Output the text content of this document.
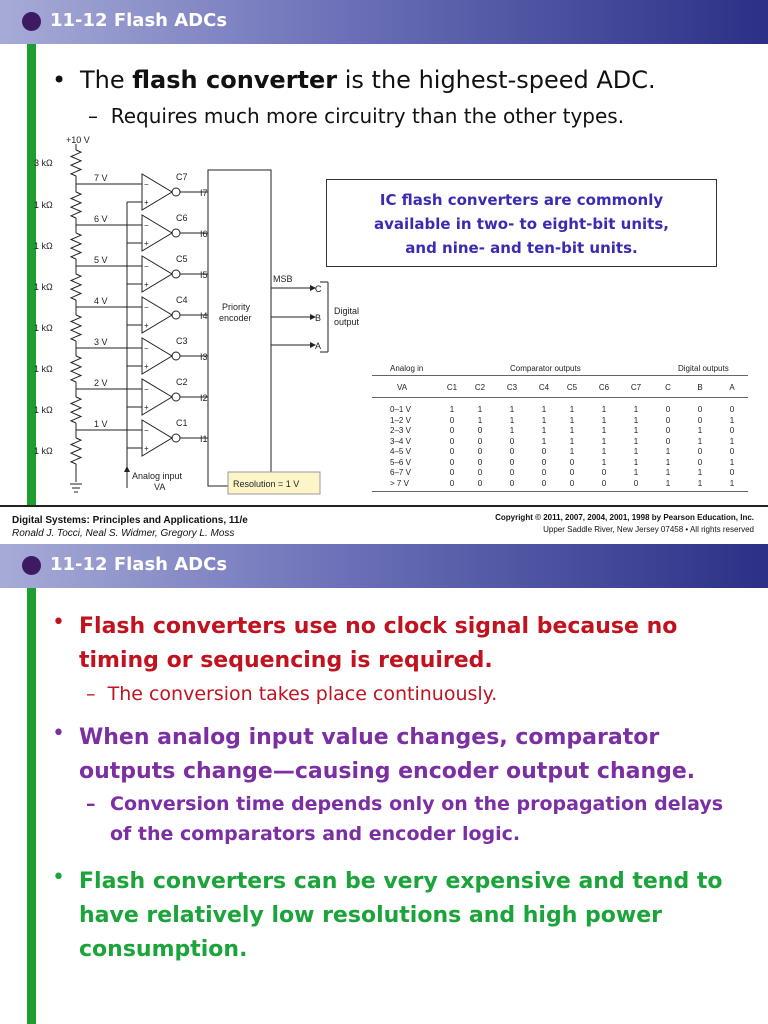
11-12 Flash ADCs
• The flash converter is the highest-speed ADC.
– Requires much more circuitry than the other types.
+10 V
−
+
−
+
−
+
−
+
−
+
−
+
−
+
3 kΩ
1 kΩ
1 kΩ
1 kΩ
1 kΩ
1 kΩ
1 kΩ
1 kΩ
7 V	C7
I7
6 V	C6
I6
5 V	C5
I5
4 V	C4
I4
3 V	C3
I3
2 V	C2
I2
1 V	C1
I1
Priority
encoder
MSB
C
B
A
Digital
output
Analog input
VA	Resolution = 1 V
IC flash converters are commonly
available in two- to eight-bit units,
and nine- and ten-bit units.
Analog in	Comparator outputs	Digital outputs
VA	C1	C2	C3	C4	C5	C6	C7	C	B	A
0–1 V	1	1	1	1	1	1	1	0	0	0
1–2 V	0	1	1	1	1	1	1	0	0	1
2–3 V	0	0	1	1	1	1	1	0	1	0
3–4 V	0	0	0	1	1	1	1	0	1	1
4–5 V	0	0	0	0	1	1	1	1	0	0
5–6 V	0	0	0	0	0	1	1	1	0	1
6–7 V	0	0	0	0	0	0	1	1	1	0
> 7 V	0	0	0	0	0	0	0	1	1	1
Digital Systems: Principles and Applications, 11/e
Ronald J. Tocci, Neal S. Widmer, Gregory L. Moss
Copyright © 2011, 2007, 2004, 2001, 1998 by Pearson Education, Inc.
Upper Saddle River, New Jersey 07458 • All rights reserved
11-12 Flash ADCs
• Flash converters use no clock signal because no timing or sequencing is required.
– The conversion takes place continuously.
• When analog input value changes, comparator outputs change—causing encoder output change.
– Conversion time depends only on the propagation delays of the comparators and encoder logic.
• Flash converters can be very expensive and tend to have relatively low resolutions and high power consumption.
